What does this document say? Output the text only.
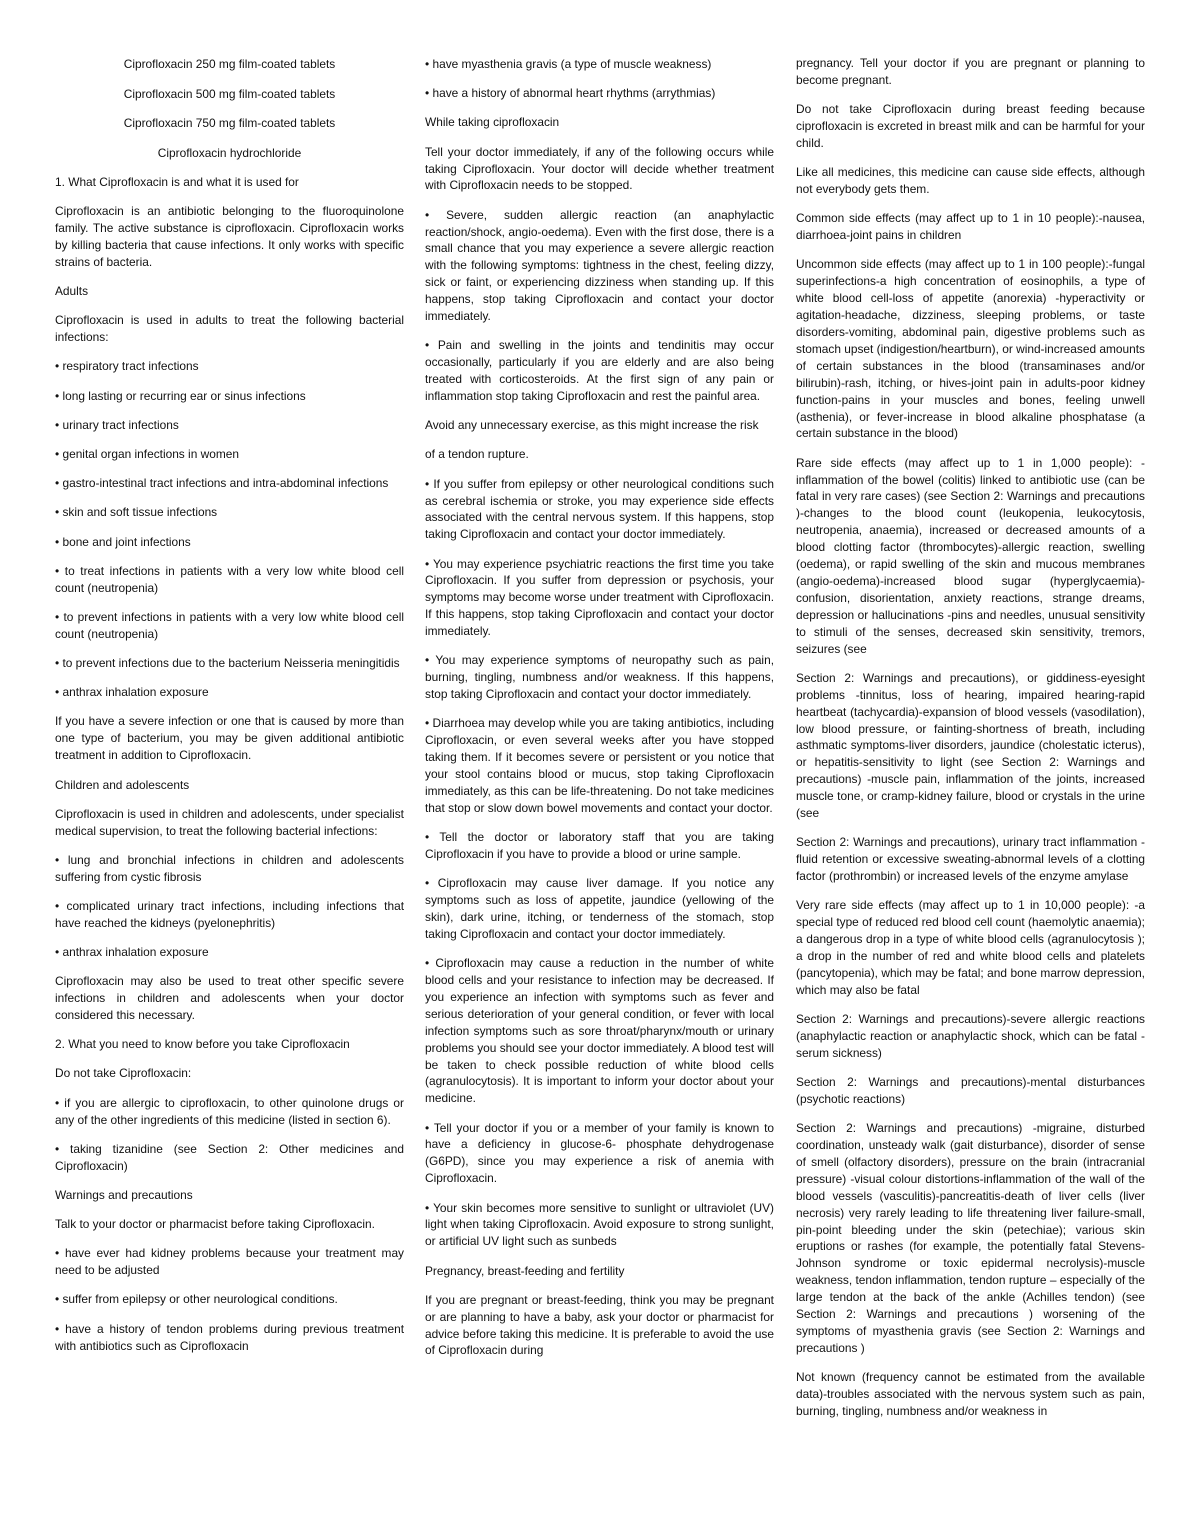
Ciprofloxacin 250 mg film-coated tablets

Ciprofloxacin 500 mg film-coated tablets

Ciprofloxacin 750 mg film-coated tablets

Ciprofloxacin hydrochloride

1. What Ciprofloxacin is and what it is used for

Ciprofloxacin is an antibiotic belonging to the fluoroquinolone family. The active substance is ciprofloxacin. Ciprofloxacin works by killing bacteria that cause infections. It only works with specific strains of bacteria.

Adults

Ciprofloxacin is used in adults to treat the following bacterial infections:

• respiratory tract infections

• long lasting or recurring ear or sinus infections

• urinary tract infections

• genital organ infections in women

• gastro-intestinal tract infections and intra-abdominal infections

• skin and soft tissue infections

• bone and joint infections

• to treat infections in patients with a very low white blood cell count (neutropenia)

• to prevent infections in patients with a very low white blood cell count (neutropenia)

• to prevent infections due to the bacterium Neisseria meningitidis

• anthrax inhalation exposure

If you have a severe infection or one that is caused by more than one type of bacterium, you may be given additional antibiotic treatment in addition to Ciprofloxacin.

Children and adolescents

Ciprofloxacin is used in children and adolescents, under specialist medical supervision, to treat the following bacterial infections:

• lung and bronchial infections in children and adolescents suffering from cystic fibrosis

• complicated urinary tract infections, including infections that have reached the kidneys (pyelonephritis)

• anthrax inhalation exposure

Ciprofloxacin may also be used to treat other specific severe infections in children and adolescents when your doctor considered this necessary.

2. What you need to know before you take Ciprofloxacin

Do not take Ciprofloxacin:

• if you are allergic to ciprofloxacin, to other quinolone drugs or any of the other ingredients of this medicine (listed in section 6).

• taking tizanidine (see Section 2: Other medicines and Ciprofloxacin)

Warnings and precautions

Talk to your doctor or pharmacist before taking Ciprofloxacin.

• have ever had kidney problems because your treatment may need to be adjusted

• suffer from epilepsy or other neurological conditions.

• have a history of tendon problems during previous treatment with antibiotics such as Ciprofloxacin

• have myasthenia gravis (a type of muscle weakness)

• have a history of abnormal heart rhythms (arrythmias)

While taking ciprofloxacin

Tell your doctor immediately, if any of the following occurs while taking Ciprofloxacin. Your doctor will decide whether treatment with Ciprofloxacin needs to be stopped.

• Severe, sudden allergic reaction (an anaphylactic reaction/shock, angio-oedema). Even with the first dose, there is a small chance that you may experience a severe allergic reaction with the following symptoms: tightness in the chest, feeling dizzy, sick or faint, or experiencing dizziness when standing up. If this happens, stop taking Ciprofloxacin and contact your doctor immediately.

• Pain and swelling in the joints and tendinitis may occur occasionally, particularly if you are elderly and are also being treated with corticosteroids. At the first sign of any pain or inflammation stop taking Ciprofloxacin and rest the painful area.

Avoid any unnecessary exercise, as this might increase the risk

of a tendon rupture.

• If you suffer from epilepsy or other neurological conditions such as cerebral ischemia or stroke, you may experience side effects associated with the central nervous system. If this happens, stop taking Ciprofloxacin and contact your doctor immediately.

• You may experience psychiatric reactions the first time you take Ciprofloxacin. If you suffer from depression or psychosis, your symptoms may become worse under treatment with Ciprofloxacin. If this happens, stop taking Ciprofloxacin and contact your doctor immediately.

• You may experience symptoms of neuropathy such as pain, burning, tingling, numbness and/or weakness. If this happens, stop taking Ciprofloxacin and contact your doctor immediately.

• Diarrhoea may develop while you are taking antibiotics, including Ciprofloxacin, or even several weeks after you have stopped taking them. If it becomes severe or persistent or you notice that your stool contains blood or mucus, stop taking Ciprofloxacin immediately, as this can be life-threatening. Do not take medicines that stop or slow down bowel movements and contact your doctor.

• Tell the doctor or laboratory staff that you are taking Ciprofloxacin if you have to provide a blood or urine sample.

• Ciprofloxacin may cause liver damage. If you notice any symptoms such as loss of appetite, jaundice (yellowing of the skin), dark urine, itching, or tenderness of the stomach, stop taking Ciprofloxacin and contact your doctor immediately.

• Ciprofloxacin may cause a reduction in the number of white blood cells and your resistance to infection may be decreased. If you experience an infection with symptoms such as fever and serious deterioration of your general condition, or fever with local infection symptoms such as sore throat/pharynx/mouth or urinary problems you should see your doctor immediately. A blood test will be taken to check possible reduction of white blood cells (agranulocytosis). It is important to inform your doctor about your medicine.

• Tell your doctor if you or a member of your family is known to have a deficiency in glucose-6- phosphate dehydrogenase (G6PD), since you may experience a risk of anemia with Ciprofloxacin.

• Your skin becomes more sensitive to sunlight or ultraviolet (UV) light when taking Ciprofloxacin. Avoid exposure to strong sunlight, or artificial UV light such as sunbeds

Pregnancy, breast-feeding and fertility

If you are pregnant or breast-feeding, think you may be pregnant or are planning to have a baby, ask your doctor or pharmacist for advice before taking this medicine. It is preferable to avoid the use of Ciprofloxacin during

pregnancy. Tell your doctor if you are pregnant or planning to become pregnant.

Do not take Ciprofloxacin during breast feeding because ciprofloxacin is excreted in breast milk and can be harmful for your child.

Like all medicines, this medicine can cause side effects, although not everybody gets them.

Common side effects (may affect up to 1 in 10 people):-nausea, diarrhoea-joint pains in children

Uncommon side effects (may affect up to 1 in 100 people):-fungal superinfections-a high concentration of eosinophils, a type of white blood cell-loss of appetite (anorexia) -hyperactivity or agitation-headache, dizziness, sleeping problems, or taste disorders-vomiting, abdominal pain, digestive problems such as stomach upset (indigestion/heartburn), or wind-increased amounts of certain substances in the blood (transaminases and/or bilirubin)-rash, itching, or hives-joint pain in adults-poor kidney function-pains in your muscles and bones, feeling unwell (asthenia), or fever-increase in blood alkaline phosphatase (a certain substance in the blood)

Rare side effects (may affect up to 1 in 1,000 people): -inflammation of the bowel (colitis) linked to antibiotic use (can be fatal in very rare cases) (see Section 2: Warnings and precautions )-changes to the blood count (leukopenia, leukocytosis, neutropenia, anaemia), increased or decreased amounts of a blood clotting factor (thrombocytes)-allergic reaction, swelling (oedema), or rapid swelling of the skin and mucous membranes (angio-oedema)-increased blood sugar (hyperglycaemia)-confusion, disorientation, anxiety reactions, strange dreams, depression or hallucinations -pins and needles, unusual sensitivity to stimuli of the senses, decreased skin sensitivity, tremors, seizures (see

Section 2: Warnings and precautions), or giddiness-eyesight problems -tinnitus, loss of hearing, impaired hearing-rapid heartbeat (tachycardia)-expansion of blood vessels (vasodilation), low blood pressure, or fainting-shortness of breath, including asthmatic symptoms-liver disorders, jaundice (cholestatic icterus), or hepatitis-sensitivity to light (see Section 2: Warnings and precautions) -muscle pain, inflammation of the joints, increased muscle tone, or cramp-kidney failure, blood or crystals in the urine (see

Section 2: Warnings and precautions), urinary tract inflammation -fluid retention or excessive sweating-abnormal levels of a clotting factor (prothrombin) or increased levels of the enzyme amylase

Very rare side effects (may affect up to 1 in 10,000 people): -a special type of reduced red blood cell count (haemolytic anaemia); a dangerous drop in a type of white blood cells (agranulocytosis ); a drop in the number of red and white blood cells and platelets (pancytopenia), which may be fatal; and bone marrow depression, which may also be fatal

Section 2: Warnings and precautions)-severe allergic reactions (anaphylactic reaction or anaphylactic shock, which can be fatal - serum sickness)

Section 2: Warnings and precautions)-mental disturbances (psychotic reactions)

Section 2: Warnings and precautions) -migraine, disturbed coordination, unsteady walk (gait disturbance), disorder of sense of smell (olfactory disorders), pressure on the brain (intracranial pressure) -visual colour distortions-inflammation of the wall of the blood vessels (vasculitis)-pancreatitis-death of liver cells (liver necrosis) very rarely leading to life threatening liver failure-small, pin-point bleeding under the skin (petechiae); various skin eruptions or rashes (for example, the potentially fatal Stevens-Johnson syndrome or toxic epidermal necrolysis)-muscle weakness, tendon inflammation, tendon rupture – especially of the large tendon at the back of the ankle (Achilles tendon) (see Section 2: Warnings and precautions ) worsening of the symptoms of myasthenia gravis (see Section 2: Warnings and precautions )

Not known (frequency cannot be estimated from the available data)-troubles associated with the nervous system such as pain, burning, tingling, numbness and/or weakness in
